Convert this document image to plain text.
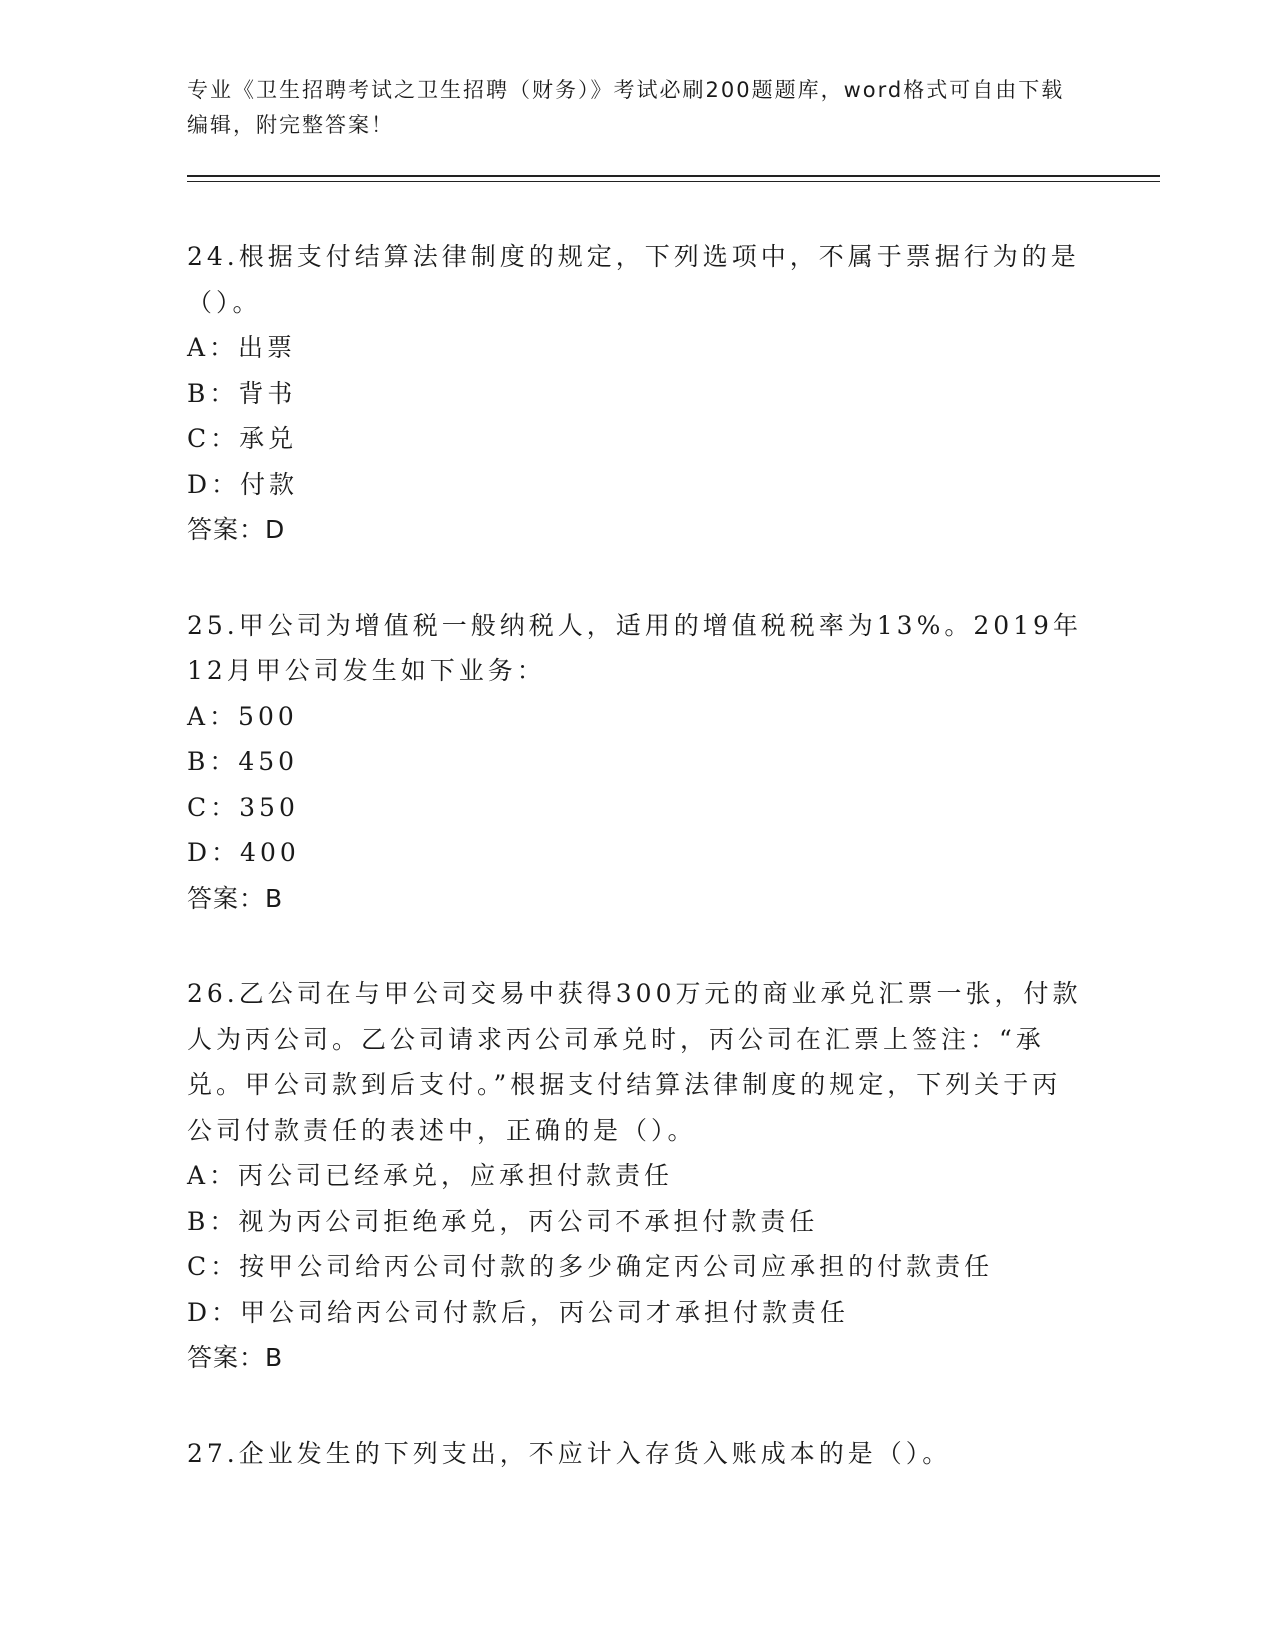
专业《卫生招聘考试之卫生招聘（财务）》考试必刷200题题库，word格式可自由下载编辑，附完整答案！
24.根据支付结算法律制度的规定，下列选项中，不属于票据行为的是（）。
A：出票
B：背书
C：承兑
D：付款
答案：D
25.甲公司为增值税一般纳税人，适用的增值税税率为13%。2019年12月甲公司发生如下业务：
A：500
B：450
C：350
D：400
答案：B
26.乙公司在与甲公司交易中获得300万元的商业承兑汇票一张，付款人为丙公司。乙公司请求丙公司承兑时，丙公司在汇票上签注：“承兑。甲公司款到后支付。”根据支付结算法律制度的规定，下列关于丙公司付款责任的表述中，正确的是（）。
A：丙公司已经承兑，应承担付款责任
B：视为丙公司拒绝承兑，丙公司不承担付款责任
C：按甲公司给丙公司付款的多少确定丙公司应承担的付款责任
D：甲公司给丙公司付款后，丙公司才承担付款责任
答案：B
27.企业发生的下列支出，不应计入存货入账成本的是（）。
